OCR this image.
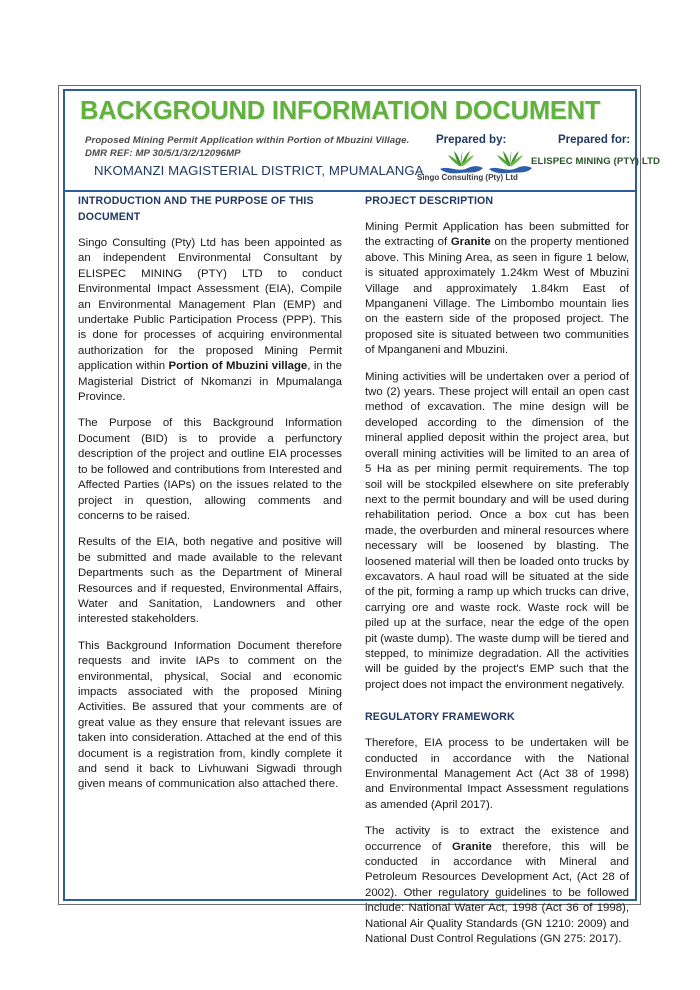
BACKGROUND INFORMATION DOCUMENT
Proposed Mining Permit Application within Portion of Mbuzini Village.
DMR REF: MP 30/5/1/3/2/12096MP
NKOMANZI MAGISTERIAL DISTRICT, MPUMALANGA
Prepared by:	Prepared for:
Singo Consulting (Pty) Ltd
ELISPEC MINING (PTY) LTD
INTRODUCTION AND THE PURPOSE OF THIS DOCUMENT

Singo Consulting (Pty) Ltd has been appointed as an independent Environmental Consultant by ELISPEC MINING (PTY) LTD to conduct Environmental Impact Assessment (EIA), Compile an Environmental Management Plan (EMP) and undertake Public Participation Process (PPP). This is done for processes of acquiring environmental authorization for the proposed Mining Permit application within Portion of Mbuzini village, in the Magisterial District of Nkomanzi in Mpumalanga Province.

The Purpose of this Background Information Document (BID) is to provide a perfunctory description of the project and outline EIA processes to be followed and contributions from Interested and Affected Parties (IAPs) on the issues related to the project in question, allowing comments and concerns to be raised.

Results of the EIA, both negative and positive will be submitted and made available to the relevant Departments such as the Department of Mineral Resources and if requested, Environmental Affairs, Water and Sanitation, Landowners and other interested stakeholders.

This Background Information Document therefore requests and invite IAPs to comment on the environmental, physical, Social and economic impacts associated with the proposed Mining Activities. Be assured that your comments are of great value as they ensure that relevant issues are taken into consideration. Attached at the end of this document is a registration from, kindly complete it and send it back to Livhuwani Sigwadi through given means of communication also attached there.

PROJECT DESCRIPTION

Mining Permit Application has been submitted for the extracting of Granite on the property mentioned above. This Mining Area, as seen in figure 1 below, is situated approximately 1.24km West of Mbuzini Village and approximately 1.84km East of Mpanganeni Village. The Limbombo mountain lies on the eastern side of the proposed project. The proposed site is situated between two communities of Mpanganeni and Mbuzini.

Mining activities will be undertaken over a period of two (2) years. These project will entail an open cast method of excavation. The mine design will be developed according to the dimension of the mineral applied deposit within the project area, but overall mining activities will be limited to an area of 5 Ha as per mining permit requirements. The top soil will be stockpiled elsewhere on site preferably next to the permit boundary and will be used during rehabilitation period. Once a box cut has been made, the overburden and mineral resources where necessary will be loosened by blasting. The loosened material will then be loaded onto trucks by excavators. A haul road will be situated at the side of the pit, forming a ramp up which trucks can drive, carrying ore and waste rock. Waste rock will be piled up at the surface, near the edge of the open pit (waste dump). The waste dump will be tiered and stepped, to minimize degradation. All the activities will be guided by the project's EMP such that the project does not impact the environment negatively.

REGULATORY FRAMEWORK

Therefore, EIA process to be undertaken will be conducted in accordance with the National Environmental Management Act (Act 38 of 1998) and Environmental Impact Assessment regulations as amended (April 2017).

The activity is to extract the existence and occurrence of Granite therefore, this will be conducted in accordance with Mineral and Petroleum Resources Development Act, (Act 28 of 2002). Other regulatory guidelines to be followed include: National Water Act, 1998 (Act 36 of 1998), National Air Quality Standards (GN 1210: 2009) and National Dust Control Regulations (GN 275: 2017).
